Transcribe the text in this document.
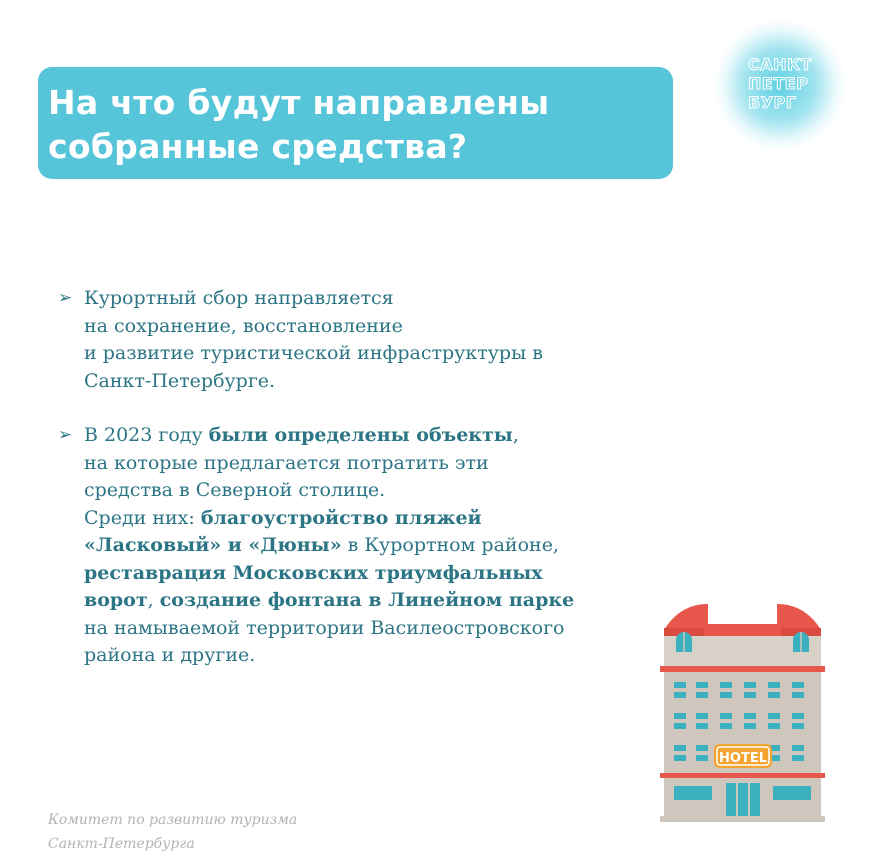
На что будут направлены
собранные средства?
САНКТ
ПЕТЕР
БУРГ
➢ Курортный сбор направляется
на сохранение, восстановление
и развитие туристической инфраструктуры в
Санкт-Петербурге.
➢ В 2023 году были определены объекты,
на которые предлагается потратить эти
средства в Северной столице.
Среди них: благоустройство пляжей
«Ласковый» и «Дюны» в Курортном районе,
реставрация Московских триумфальных
ворот, создание фонтана в Линейном парке
на намываемой территории Василеостровского
района и другие.
HOTEL
Комитет по развитию туризма
Санкт-Петербурга
